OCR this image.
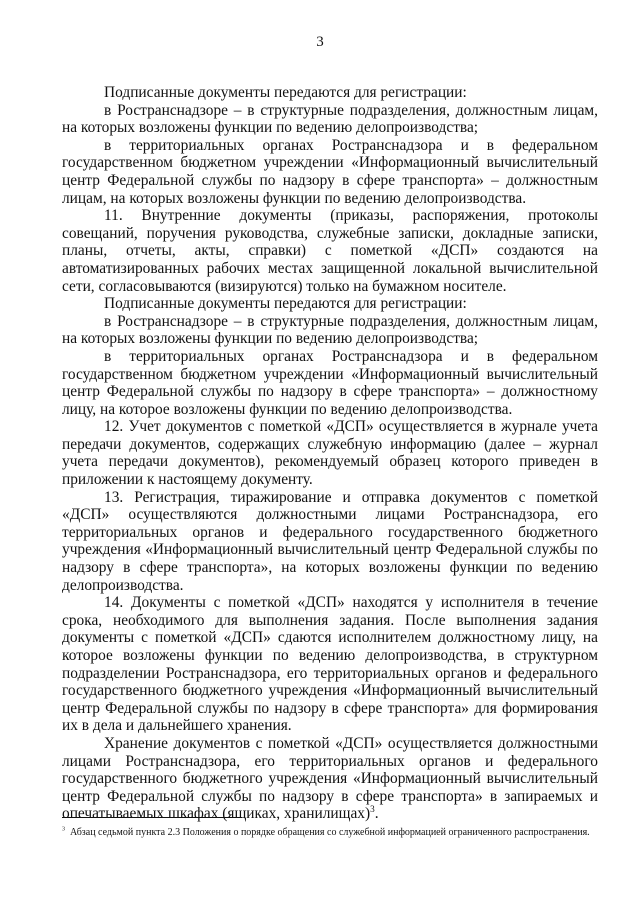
3

Подписанные документы передаются для регистрации:

в Ространснадзоре – в структурные подразделения, должностным лицам, на которых возложены функции по ведению делопроизводства;

в территориальных органах Ространснадзора и в федеральном государственном бюджетном учреждении «Информационный вычислительный центр Федеральной службы по надзору в сфере транспорта» – должностным лицам, на которых возложены функции по ведению делопроизводства.

11. Внутренние документы (приказы, распоряжения, протоколы совещаний, поручения руководства, служебные записки, докладные записки, планы, отчеты, акты, справки) с пометкой «ДСП» создаются на автоматизированных рабочих местах защищенной локальной вычислительной сети, согласовываются (визируются) только на бумажном носителе.

Подписанные документы передаются для регистрации:

в Ространснадзоре – в структурные подразделения, должностным лицам, на которых возложены функции по ведению делопроизводства;

в территориальных органах Ространснадзора и в федеральном государственном бюджетном учреждении «Информационный вычислительный центр Федеральной службы по надзору в сфере транспорта» – должностному лицу, на которое возложены функции по ведению делопроизводства.

12. Учет документов с пометкой «ДСП» осуществляется в журнале учета передачи документов, содержащих служебную информацию (далее – журнал учета передачи документов), рекомендуемый образец которого приведен в приложении к настоящему документу.

13. Регистрация, тиражирование и отправка документов с пометкой «ДСП» осуществляются должностными лицами Ространснадзора, его территориальных органов и федерального государственного бюджетного учреждения «Информационный вычислительный центр Федеральной службы по надзору в сфере транспорта», на которых возложены функции по ведению делопроизводства.

14. Документы с пометкой «ДСП» находятся у исполнителя в течение срока, необходимого для выполнения задания. После выполнения задания документы с пометкой «ДСП» сдаются исполнителем должностному лицу, на которое возложены функции по ведению делопроизводства, в структурном подразделении Ространснадзора, его территориальных органов и федерального государственного бюджетного учреждения «Информационный вычислительный центр Федеральной службы по надзору в сфере транспорта» для формирования их в дела и дальнейшего хранения.

Хранение документов с пометкой «ДСП» осуществляется должностными лицами Ространснадзора, его территориальных органов и федерального государственного бюджетного учреждения «Информационный вычислительный центр Федеральной службы по надзору в сфере транспорта» в запираемых и опечатываемых шкафах (ящиках, хранилищах)$^3$.

$^3$ Абзац седьмой пункта 2.3 Положения о порядке обращения со служебной информацией ограниченного распространения.
